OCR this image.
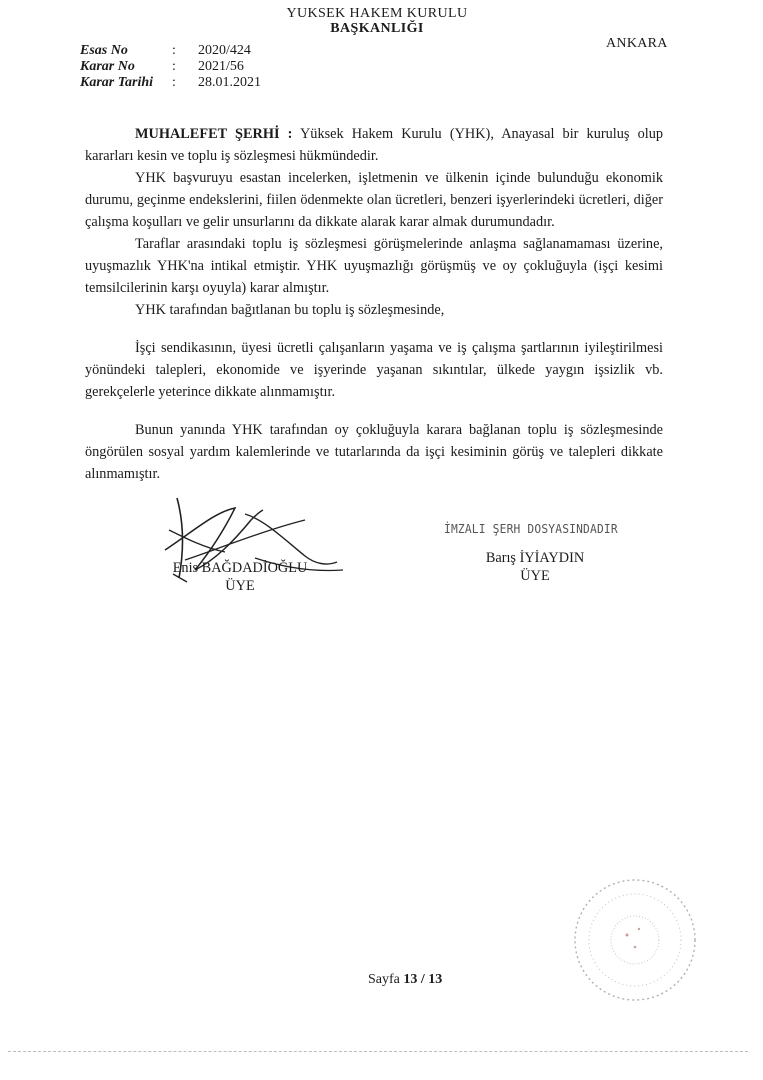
YUKSEK HAKEM KURULU
BAŞKANLIĞI
ANKARA
Esas No	: 2020/424
Karar No	: 2021/56
Karar Tarihi : 28.01.2021

MUHALEFET ŞERHİ : Yüksek Hakem Kurulu (YHK), Anayasal bir kuruluş olup kararları kesin ve toplu iş sözleşmesi hükmündedir.

YHK başvuruyu esastan incelerken, işletmenin ve ülkenin içinde bulunduğu ekonomik durumu, geçinme endekslerini, fiilen ödenmekte olan ücretleri, benzeri işyerlerindeki ücretleri, diğer çalışma koşulları ve gelir unsurlarını da dikkate alarak karar almak durumundadır.

Taraflar arasındaki toplu iş sözleşmesi görüşmelerinde anlaşma sağlanamaması üzerine, uyuşmazlık YHK'na intikal etmiştir. YHK uyuşmazlığı görüşmüş ve oy çokluğuyla (işçi kesimi temsilcilerinin karşı oyuyla) karar almıştır.

YHK tarafından bağıtlanan bu toplu iş sözleşmesinde,

İşçi sendikasının, üyesi ücretli çalışanların yaşama ve iş çalışma şartlarının iyileştirilmesi yönündeki talepleri, ekonomide ve işyerinde yaşanan sıkıntılar, ülkede yaygın işsizlik vb. gerekçelerle yeterince dikkate alınmamıştır.

Bunun yanında YHK tarafından oy çokluğuyla karara bağlanan toplu iş sözleşmesinde öngörülen sosyal yardım kalemlerinde ve tutarlarında da işçi kesiminin görüş ve talepleri dikkate alınmamıştır.

Enis BAĞDADİOĞLU
ÜYE
İMZALI ŞERH DOSYASINDADIR
Barış İYİAYDIN
ÜYE
Sayfa 13 / 13
